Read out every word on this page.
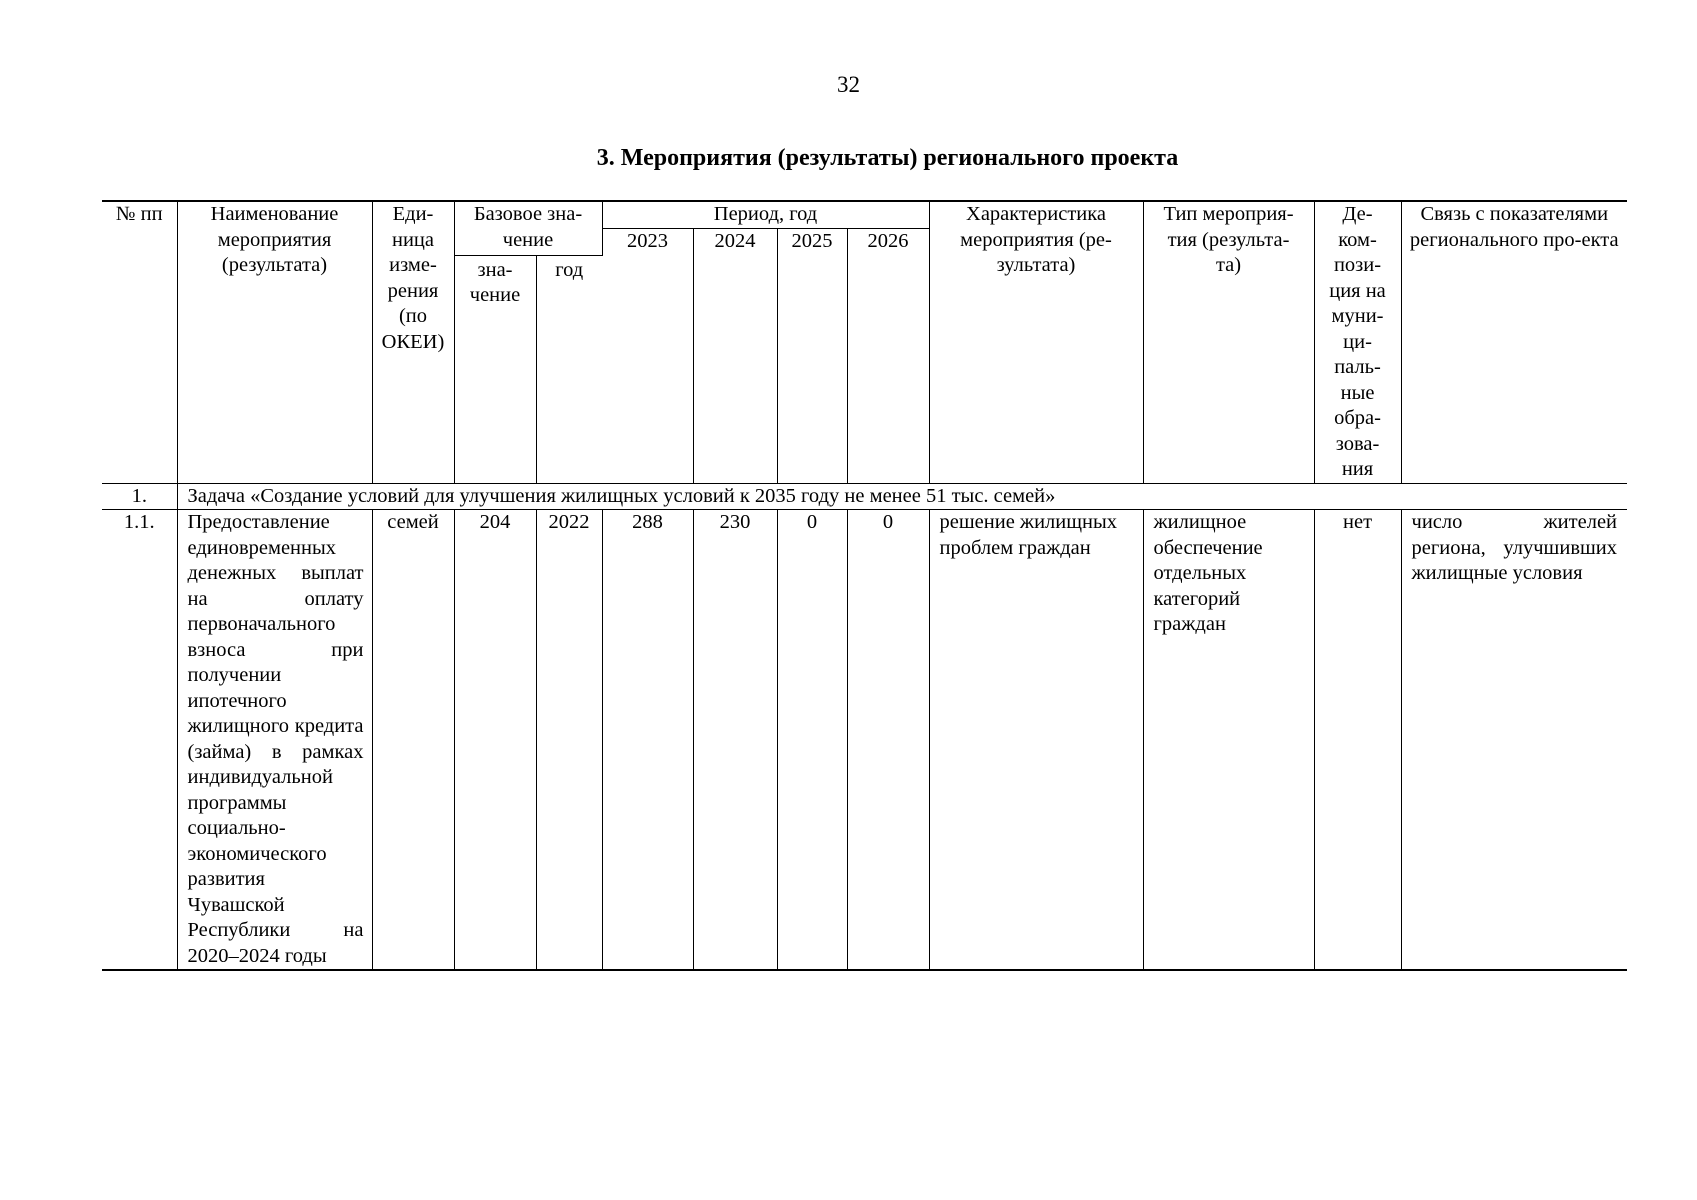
32
3. Мероприятия (результаты) регионального проекта
№ пп	Наименование мероприятия (результата)	Еди-ница изме-рения (по ОКЕИ)	Базовое зна-чение		Период, год				Характеристика мероприятия (ре-зультата)	Тип мероприя-тия (результа-та)	Де-ком-пози-ция на муни-ци-паль-ные обра-зова-ния	Связь с показателями регионального про-екта
					2023	2024	2025	2026				
			зна-чение	год								
1.	Задача «Создание условий для улучшения жилищных условий к 2035 году не менее 51 тыс. семей»											
1.1.	Предоставление единовременных денежных выплат на оплату первоначального взноса при получении ипотечного жилищного кредита (займа) в рамках индивидуальной программы социально-экономического развития Чувашской Республики на 2020–2024 годы	семей	204	2022	288	230	0	0	решение жилищных проблем граждан	жилищное обеспечение отдельных категорий граждан	нет	число жителей региона, улучшивших жилищные условия
